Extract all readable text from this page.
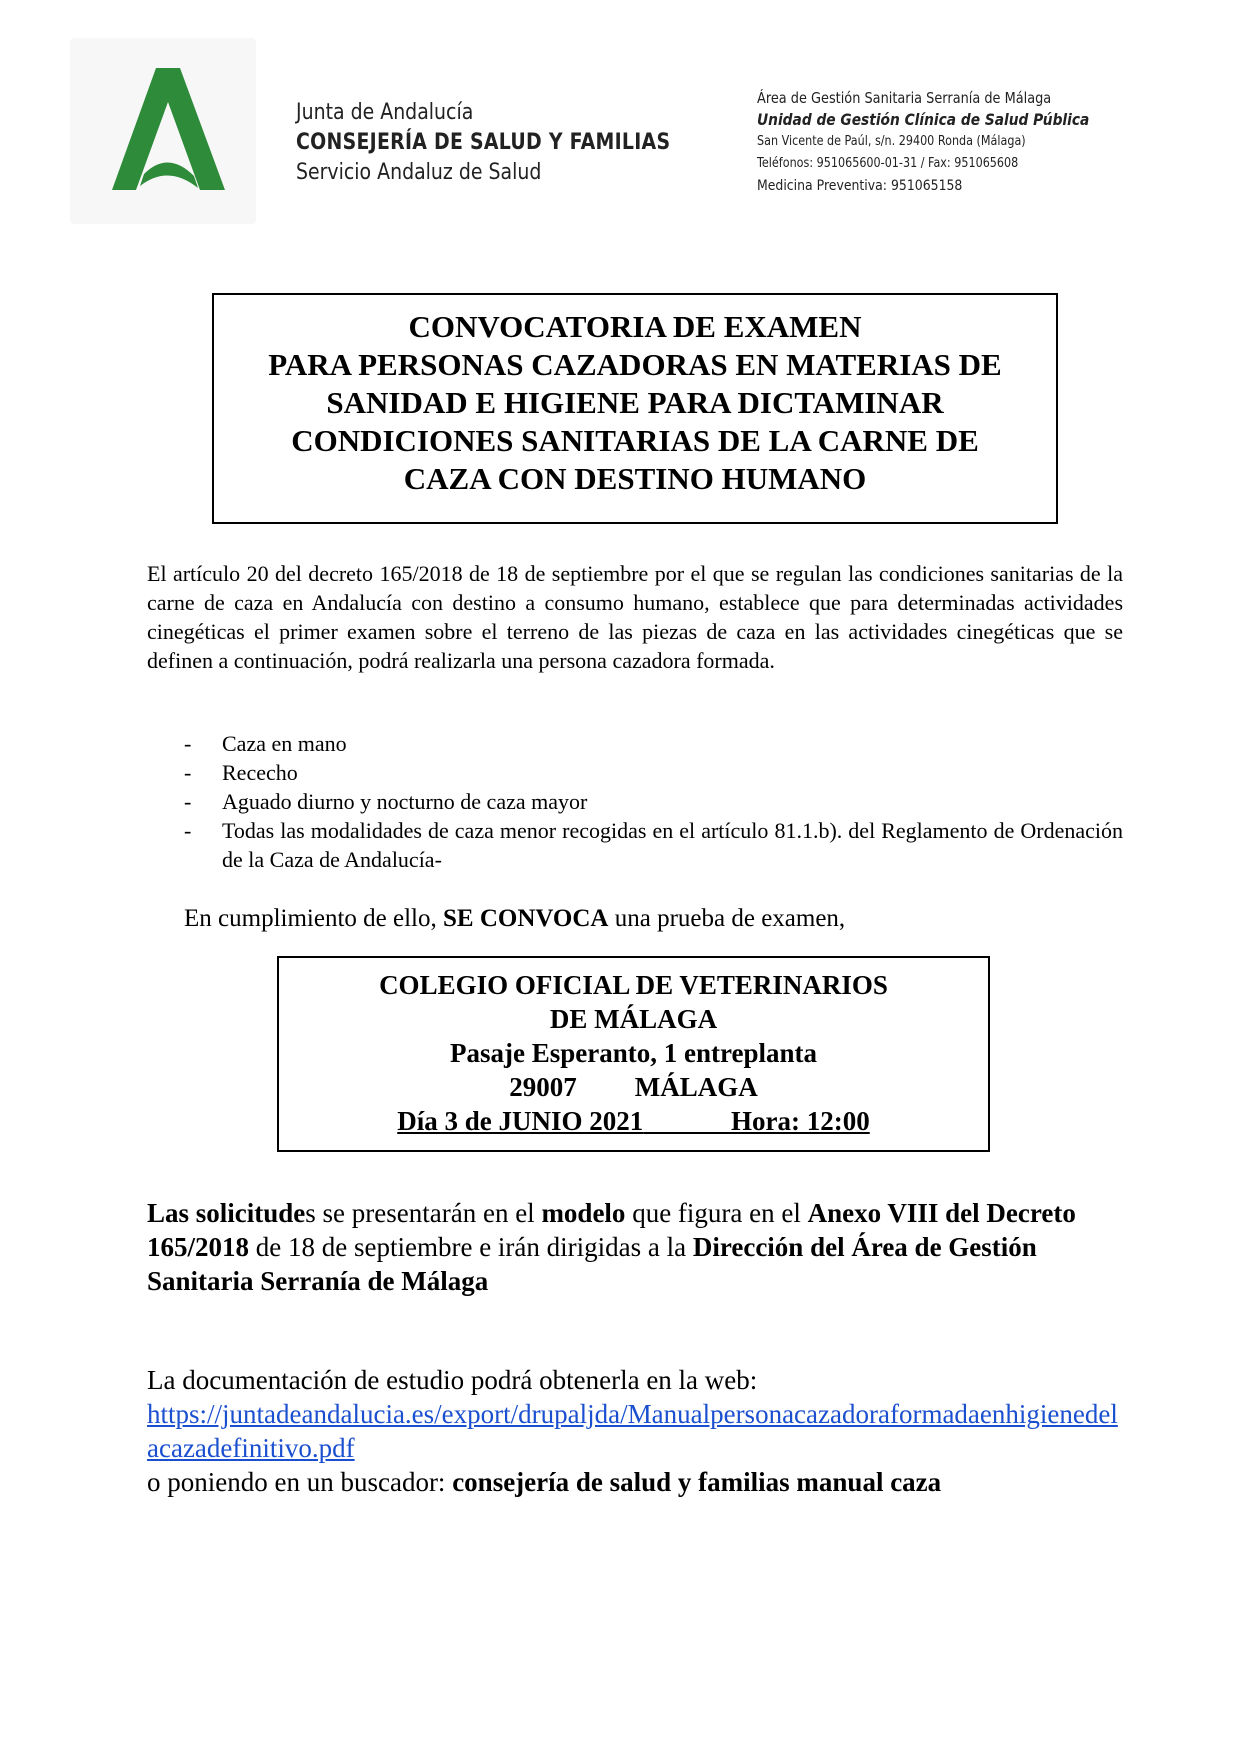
Junta de Andalucía
CONSEJERÍA DE SALUD Y FAMILIAS
Servicio Andaluz de Salud
Área de Gestión Sanitaria Serranía de Málaga
Unidad de Gestión Clínica de Salud Pública
San Vicente de Paúl, s/n. 29400 Ronda (Málaga)
Teléfonos: 951065600-01-31 / Fax: 951065608
Medicina Preventiva: 951065158
CONVOCATORIA DE EXAMEN
PARA PERSONAS CAZADORAS EN MATERIAS DE
SANIDAD E HIGIENE PARA DICTAMINAR
CONDICIONES SANITARIAS DE LA CARNE DE
CAZA CON DESTINO HUMANO
El artículo 20 del decreto 165/2018 de 18 de septiembre por el que se regulan las condiciones sanitarias de la carne de caza en Andalucía con destino a consumo humano, establece que para determinadas actividades cinegéticas el primer examen sobre el terreno de las piezas de caza en las actividades cinegéticas que se definen a continuación, podrá realizarla una persona cazadora formada.
- Caza en mano
- Rececho
- Aguado diurno y nocturno de caza mayor
- Todas las modalidades de caza menor recogidas en el artículo 81.1.b). del Reglamento de Ordenación de la Caza de Andalucía-
En cumplimiento de ello, SE CONVOCA una prueba de examen,
COLEGIO OFICIAL DE VETERINARIOS
DE MÁLAGA
Pasaje Esperanto, 1 entreplanta
29007 MÁLAGA
Día 3 de JUNIO 2021	Hora: 12:00
Las solicitudes se presentarán en el modelo que figura en el Anexo VIII del Decreto 165/2018 de 18 de septiembre e irán dirigidas a la Dirección del Área de Gestión Sanitaria Serranía de Málaga
La documentación de estudio podrá obtenerla en la web:
https://juntadeandalucia.es/export/drupaljda/Manualpersonacazadoraformadaenhigienedelacazadefinitivo.pdf
o poniendo en un buscador: consejería de salud y familias manual caza
